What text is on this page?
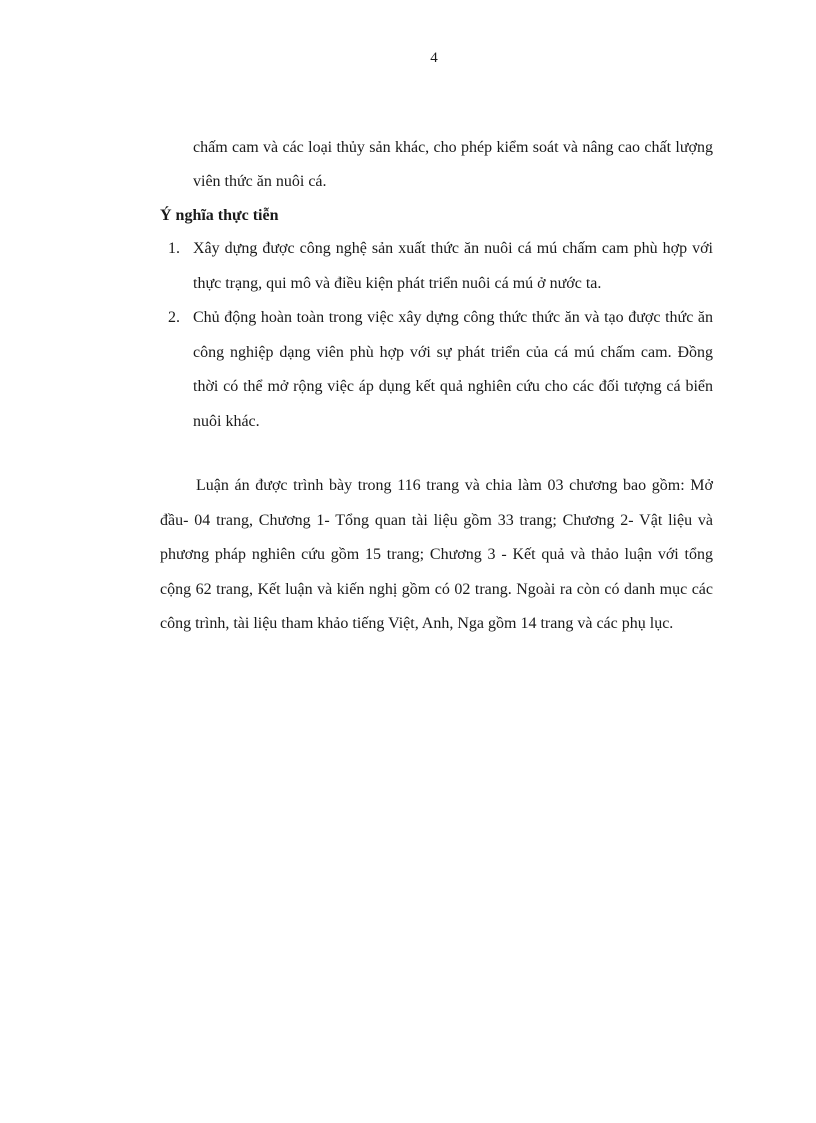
4
chấm cam và các loại thủy sản khác, cho phép kiểm soát và nâng cao chất lượng viên thức ăn nuôi cá.
Ý nghĩa thực tiễn
1. Xây dựng được công nghệ sản xuất thức ăn nuôi cá mú chấm cam phù hợp với thực trạng, qui mô và điều kiện phát triển nuôi cá mú ở nước ta.
2. Chủ động hoàn toàn trong việc xây dựng công thức thức ăn và tạo được thức ăn công nghiệp dạng viên phù hợp với sự phát triển của cá mú chấm cam. Đồng thời có thể mở rộng việc áp dụng kết quả nghiên cứu cho các đối tượng cá biển nuôi khác.

Luận án được trình bày trong 116 trang và chia làm 03 chương bao gồm: Mở đầu- 04 trang, Chương 1- Tổng quan tài liệu gồm 33 trang; Chương 2- Vật liệu và phương pháp nghiên cứu gồm 15 trang; Chương 3 - Kết quả và thảo luận với tổng cộng 62 trang, Kết luận và kiến nghị gồm có 02 trang. Ngoài ra còn có danh mục các công trình, tài liệu tham khảo tiếng Việt, Anh, Nga gồm 14 trang và các phụ lục.
